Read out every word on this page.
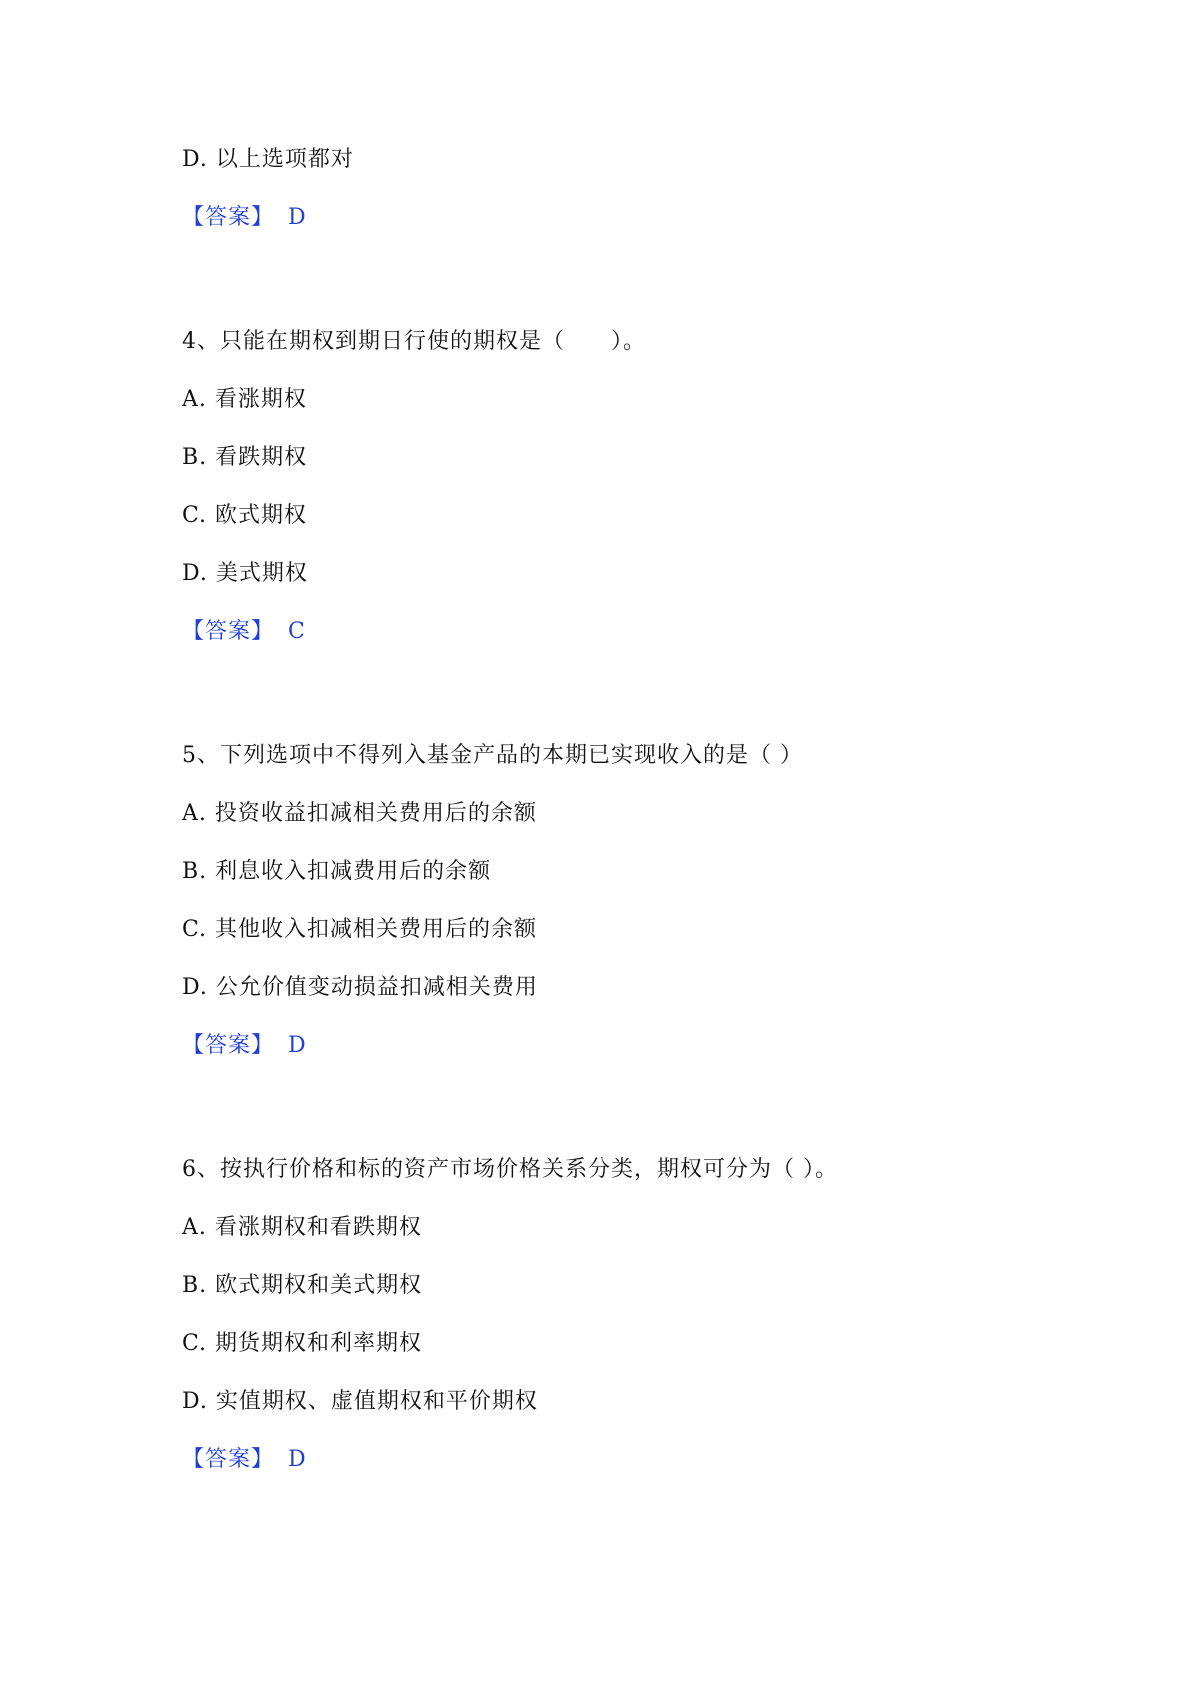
D. 以上选项都对
【答案】 D
4、只能在期权到期日行使的期权是（　　）。
A. 看涨期权
B. 看跌期权
C. 欧式期权
D. 美式期权
【答案】 C
5、下列选项中不得列入基金产品的本期已实现收入的是（ ）
A. 投资收益扣减相关费用后的余额
B. 利息收入扣减费用后的余额
C. 其他收入扣减相关费用后的余额
D. 公允价值变动损益扣减相关费用
【答案】 D
6、按执行价格和标的资产市场价格关系分类，期权可分为（ ）。
A. 看涨期权和看跌期权
B. 欧式期权和美式期权
C. 期货期权和利率期权
D. 实值期权、虚值期权和平价期权
【答案】 D
